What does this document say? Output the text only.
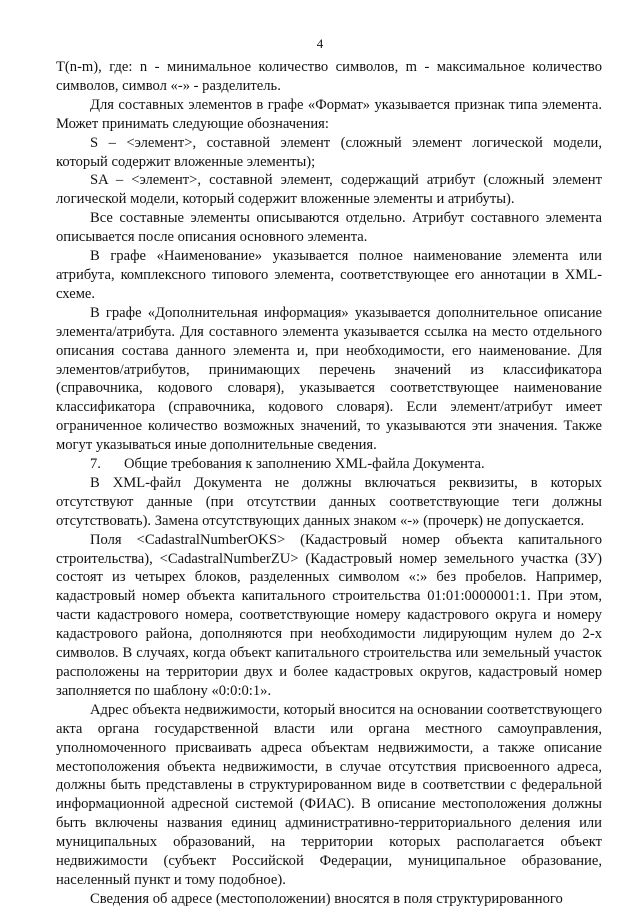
4

T(n-m), где: n - минимальное количество символов, m - максимальное количество символов, символ «-» - разделитель.

Для составных элементов в графе «Формат» указывается признак типа элемента. Может принимать следующие обозначения:

S – <элемент>, составной элемент (сложный элемент логической модели, который содержит вложенные элементы);

SA – <элемент>, составной элемент, содержащий атрибут (сложный элемент логической модели, который содержит вложенные элементы и атрибуты).

Все составные элементы описываются отдельно. Атрибут составного элемента описывается после описания основного элемента.

В графе «Наименование» указывается полное наименование элемента или атрибута, комплексного типового элемента, соответствующее его аннотации в XML-схеме.

В графе «Дополнительная информация» указывается дополнительное описание элемента/атрибута. Для составного элемента указывается ссылка на место отдельного описания состава данного элемента и, при необходимости, его наименование. Для элементов/атрибутов, принимающих перечень значений из классификатора (справочника, кодового словаря), указывается соответствующее наименование классификатора (справочника, кодового словаря). Если элемент/атрибут имеет ограниченное количество возможных значений, то указываются эти значения. Также могут указываться иные дополнительные сведения.

7. Общие требования к заполнению XML-файла Документа.

В XML-файл Документа не должны включаться реквизиты, в которых отсутствуют данные (при отсутствии данных соответствующие теги должны отсутствовать). Замена отсутствующих данных знаком «-» (прочерк) не допускается.

Поля <CadastralNumberOKS> (Кадастровый номер объекта капитального строительства), <CadastralNumberZU> (Кадастровый номер земельного участка (ЗУ) состоят из четырех блоков, разделенных символом «:» без пробелов. Например, кадастровый номер объекта капитального строительства 01:01:0000001:1. При этом, части кадастрового номера, соответствующие номеру кадастрового округа и номеру кадастрового района, дополняются при необходимости лидирующим нулем до 2-х символов. В случаях, когда объект капитального строительства или земельный участок расположены на территории двух и более кадастровых округов, кадастровый номер заполняется по шаблону «0:0:0:1».

Адрес объекта недвижимости, который вносится на основании соответствующего акта органа государственной власти или органа местного самоуправления, уполномоченного присваивать адреса объектам недвижимости, а также описание местоположения объекта недвижимости, в случае отсутствия присвоенного адреса, должны быть представлены в структурированном виде в соответствии с федеральной информационной адресной системой (ФИАС). В описание местоположения должны быть включены названия единиц административно-территориального деления или муниципальных образований, на территории которых располагается объект недвижимости (субъект Российской Федерации, муниципальное образование, населенный пункт и тому подобное).

Сведения об адресе (местоположении) вносятся в поля структурированного
